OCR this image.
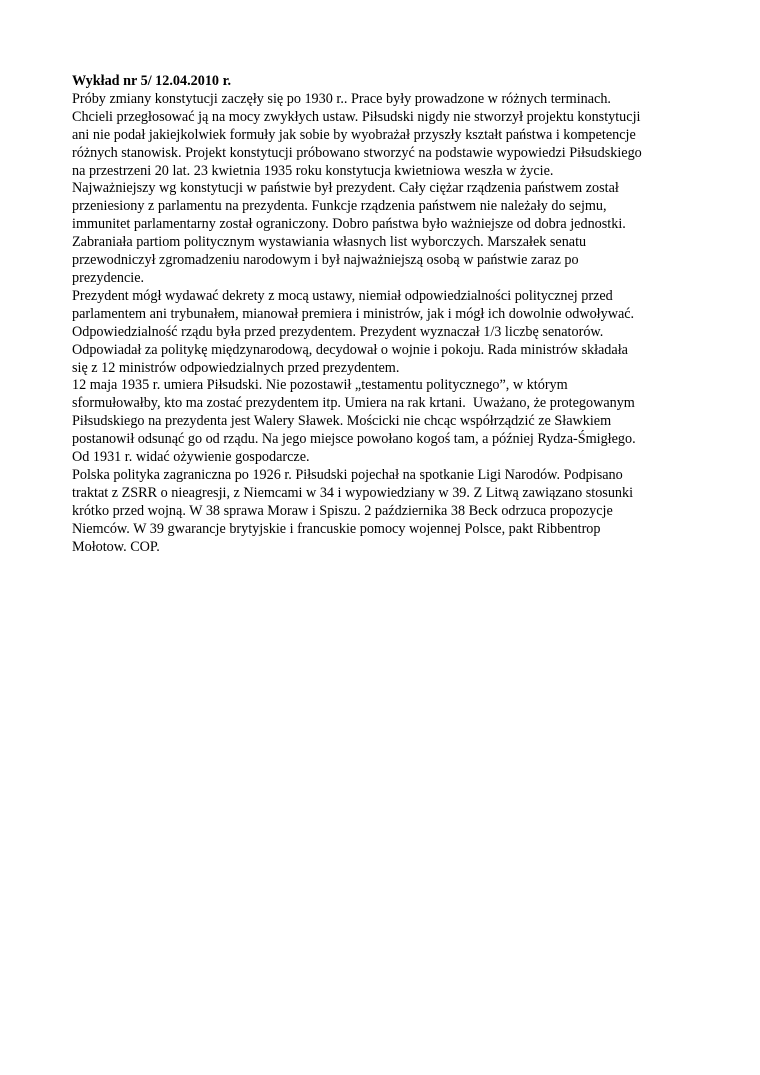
Wykład nr 5/ 12.04.2010 r.

Próby zmiany konstytucji zaczęły się po 1930 r.. Prace były prowadzone w różnych terminach.
Chcieli przegłosować ją na mocy zwykłych ustaw. Piłsudski nigdy nie stworzył projektu konstytucji
ani nie podał jakiejkolwiek formuły jak sobie by wyobrażał przyszły kształt państwa i kompetencje
różnych stanowisk. Projekt konstytucji próbowano stworzyć na podstawie wypowiedzi Piłsudskiego
na przestrzeni 20 lat. 23 kwietnia 1935 roku konstytucja kwietniowa weszła w życie.

Najważniejszy wg konstytucji w państwie był prezydent. Cały ciężar rządzenia państwem został
przeniesiony z parlamentu na prezydenta. Funkcje rządzenia państwem nie należały do sejmu,
immunitet parlamentarny został ograniczony. Dobro państwa było ważniejsze od dobra jednostki.
Zabraniała partiom politycznym wystawiania własnych list wyborczych. Marszałek senatu
przewodniczył zgromadzeniu narodowym i był najważniejszą osobą w państwie zaraz po
prezydencie.

Prezydent mógł wydawać dekrety z mocą ustawy, niemiał odpowiedzialności politycznej przed
parlamentem ani trybunałem, mianował premiera i ministrów, jak i mógł ich dowolnie odwoływać.
Odpowiedzialność rządu była przed prezydentem. Prezydent wyznaczał 1/3 liczbę senatorów.
Odpowiadał za politykę międzynarodową, decydował o wojnie i pokoju. Rada ministrów składała
się z 12 ministrów odpowiedzialnych przed prezydentem.

12 maja 1935 r. umiera Piłsudski. Nie pozostawił „testamentu politycznego”, w którym
sformułowałby, kto ma zostać prezydentem itp. Umiera na rak krtani.  Uważano, że protegowanym
Piłsudskiego na prezydenta jest Walery Sławek. Mościcki nie chcąc współrządzić ze Sławkiem
postanowił odsunąć go od rządu. Na jego miejsce powołano kogoś tam, a później Rydza-Śmigłego.
Od 1931 r. widać ożywienie gospodarcze.

Polska polityka zagraniczna po 1926 r. Piłsudski pojechał na spotkanie Ligi Narodów. Podpisano
traktat z ZSRR o nieagresji, z Niemcami w 34 i wypowiedziany w 39. Z Litwą zawiązano stosunki
krótko przed wojną. W 38 sprawa Moraw i Spiszu. 2 października 38 Beck odrzuca propozycje
Niemców. W 39 gwarancje brytyjskie i francuskie pomocy wojennej Polsce, pakt Ribbentrop
Mołotow. COP.
